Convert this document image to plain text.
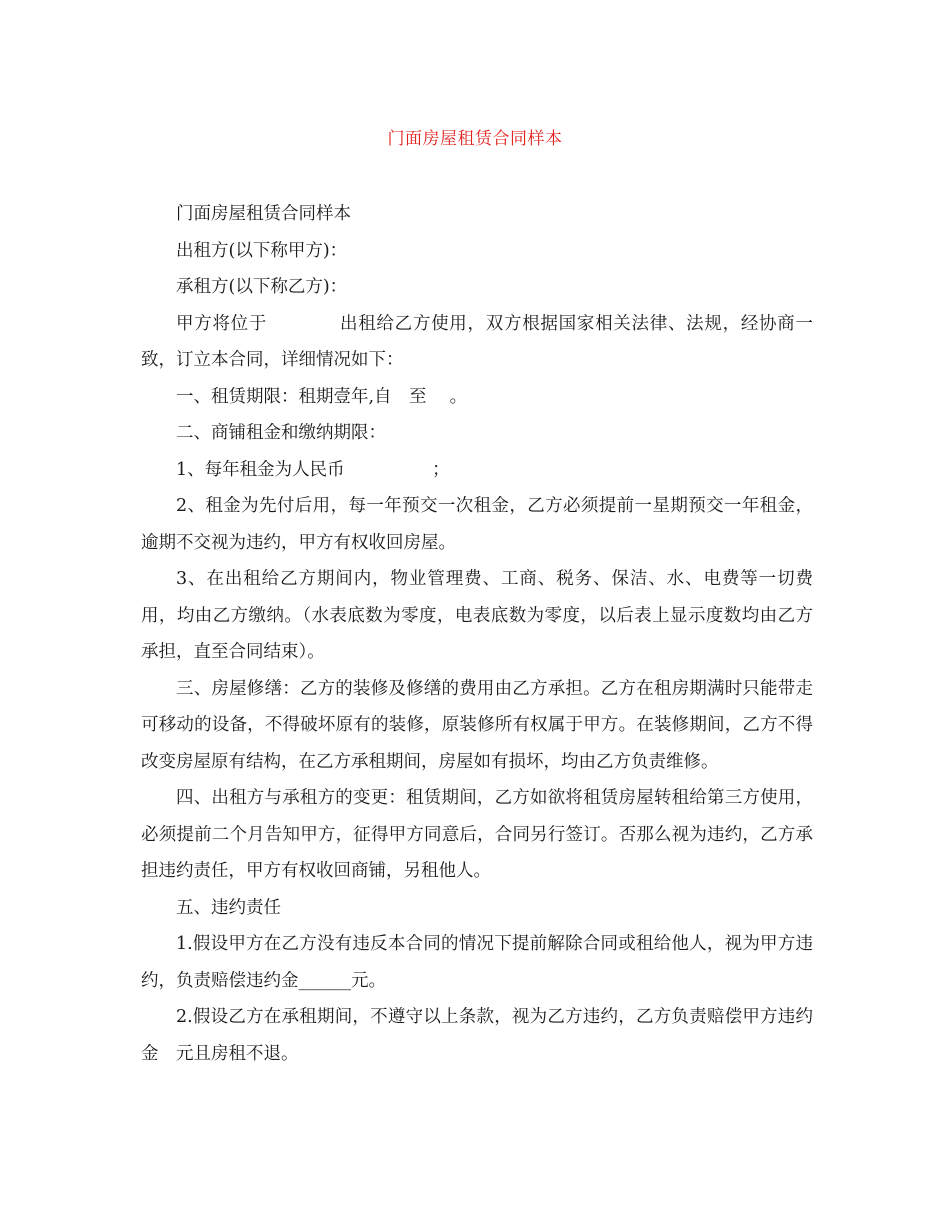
门面房屋租赁合同样本

门面房屋租赁合同样本

出租方(以下称甲方)：

承租方(以下称乙方)：

甲方将位于　　　　出租给乙方使用，双方根据国家相关法律、法规，经协商一致，订立本合同，详细情况如下：

一、租赁期限：租期壹年,自　至　 。

二、商铺租金和缴纳期限：

1、每年租金为人民币　　　　　；

2、租金为先付后用，每一年预交一次租金，乙方必须提前一星期预交一年租金，逾期不交视为违约，甲方有权收回房屋。

3、在出租给乙方期间内，物业管理费、工商、税务、保洁、水、电费等一切费用，均由乙方缴纳。（水表底数为零度，电表底数为零度，以后表上显示度数均由乙方承担，直至合同结束）。

三、房屋修缮：乙方的装修及修缮的费用由乙方承担。乙方在租房期满时只能带走可移动的设备，不得破坏原有的装修，原装修所有权属于甲方。在装修期间，乙方不得改变房屋原有结构，在乙方承租期间，房屋如有损坏，均由乙方负责维修。

四、出租方与承租方的变更：租赁期间，乙方如欲将租赁房屋转租给第三方使用，必须提前二个月告知甲方，征得甲方同意后，合同另行签订。否那么视为违约，乙方承担违约责任，甲方有权收回商铺，另租他人。

五、违约责任

1.假设甲方在乙方没有违反本合同的情况下提前解除合同或租给他人，视为甲方违约，负责赔偿违约金______元。

2.假设乙方在承租期间，不遵守以上条款，视为乙方违约，乙方负责赔偿甲方违约金　元且房租不退。
